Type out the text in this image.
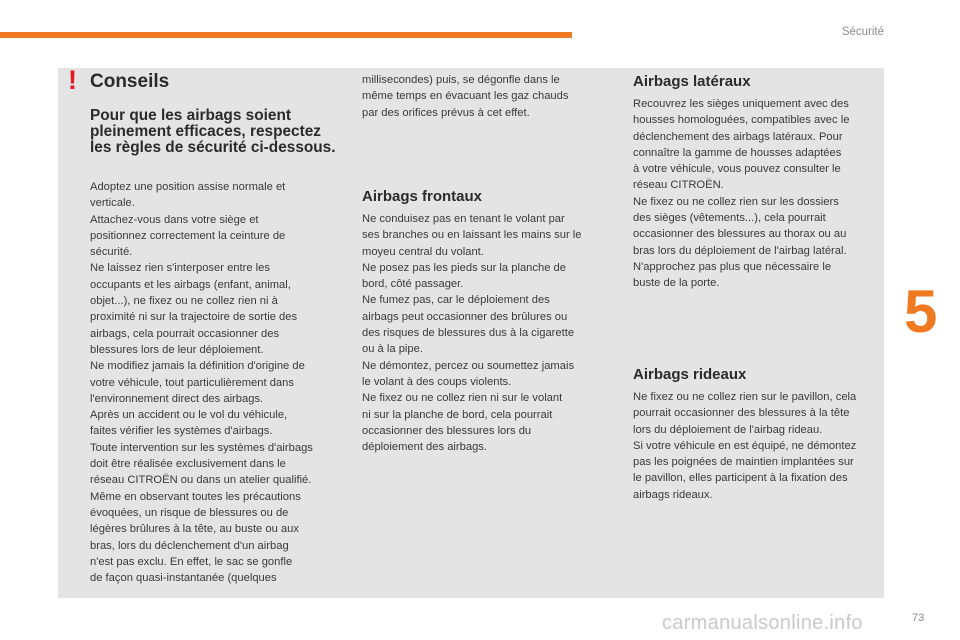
Sécurité
5
! Conseils
Pour que les airbags soient pleinement efficaces, respectez les règles de sécurité ci-dessous.
Adoptez une position assise normale et
verticale.
Attachez-vous dans votre siège et
positionnez correctement la ceinture de
sécurité.
Ne laissez rien s'interposer entre les
occupants et les airbags (enfant, animal,
objet...), ne fixez ou ne collez rien ni à
proximité ni sur la trajectoire de sortie des
airbags, cela pourrait occasionner des
blessures lors de leur déploiement.
Ne modifiez jamais la définition d'origine de
votre véhicule, tout particulièrement dans
l'environnement direct des airbags.
Après un accident ou le vol du véhicule,
faites vérifier les systèmes d'airbags.
Toute intervention sur les systèmes d'airbags
doit être réalisée exclusivement dans le
réseau CITROËN ou dans un atelier qualifié.
Même en observant toutes les précautions
évoquées, un risque de blessures ou de
légères brûlures à la tête, au buste ou aux
bras, lors du déclenchement d'un airbag
n'est pas exclu. En effet, le sac se gonfle
de façon quasi-instantanée (quelques
millisecondes) puis, se dégonfle dans le
même temps en évacuant les gaz chauds
par des orifices prévus à cet effet.
Airbags frontaux
Ne conduisez pas en tenant le volant par
ses branches ou en laissant les mains sur le
moyeu central du volant.
Ne posez pas les pieds sur la planche de
bord, côté passager.
Ne fumez pas, car le déploiement des
airbags peut occasionner des brûlures ou
des risques de blessures dus à la cigarette
ou à la pipe.
Ne démontez, percez ou soumettez jamais
le volant à des coups violents.
Ne fixez ou ne collez rien ni sur le volant
ni sur la planche de bord, cela pourrait
occasionner des blessures lors du
déploiement des airbags.
Airbags latéraux
Recouvrez les sièges uniquement avec des
housses homologuées, compatibles avec le
déclenchement des airbags latéraux. Pour
connaître la gamme de housses adaptées
à votre véhicule, vous pouvez consulter le
réseau CITROËN.
Ne fixez ou ne collez rien sur les dossiers
des sièges (vêtements...), cela pourrait
occasionner des blessures au thorax ou au
bras lors du déploiement de l'airbag latéral.
N'approchez pas plus que nécessaire le
buste de la porte.
Airbags rideaux
Ne fixez ou ne collez rien sur le pavillon, cela
pourrait occasionner des blessures à la tête
lors du déploiement de l'airbag rideau.
Si votre véhicule en est équipé, ne démontez
pas les poignées de maintien implantées sur
le pavillon, elles participent à la fixation des
airbags rideaux.
carmanualsonline.info	73
